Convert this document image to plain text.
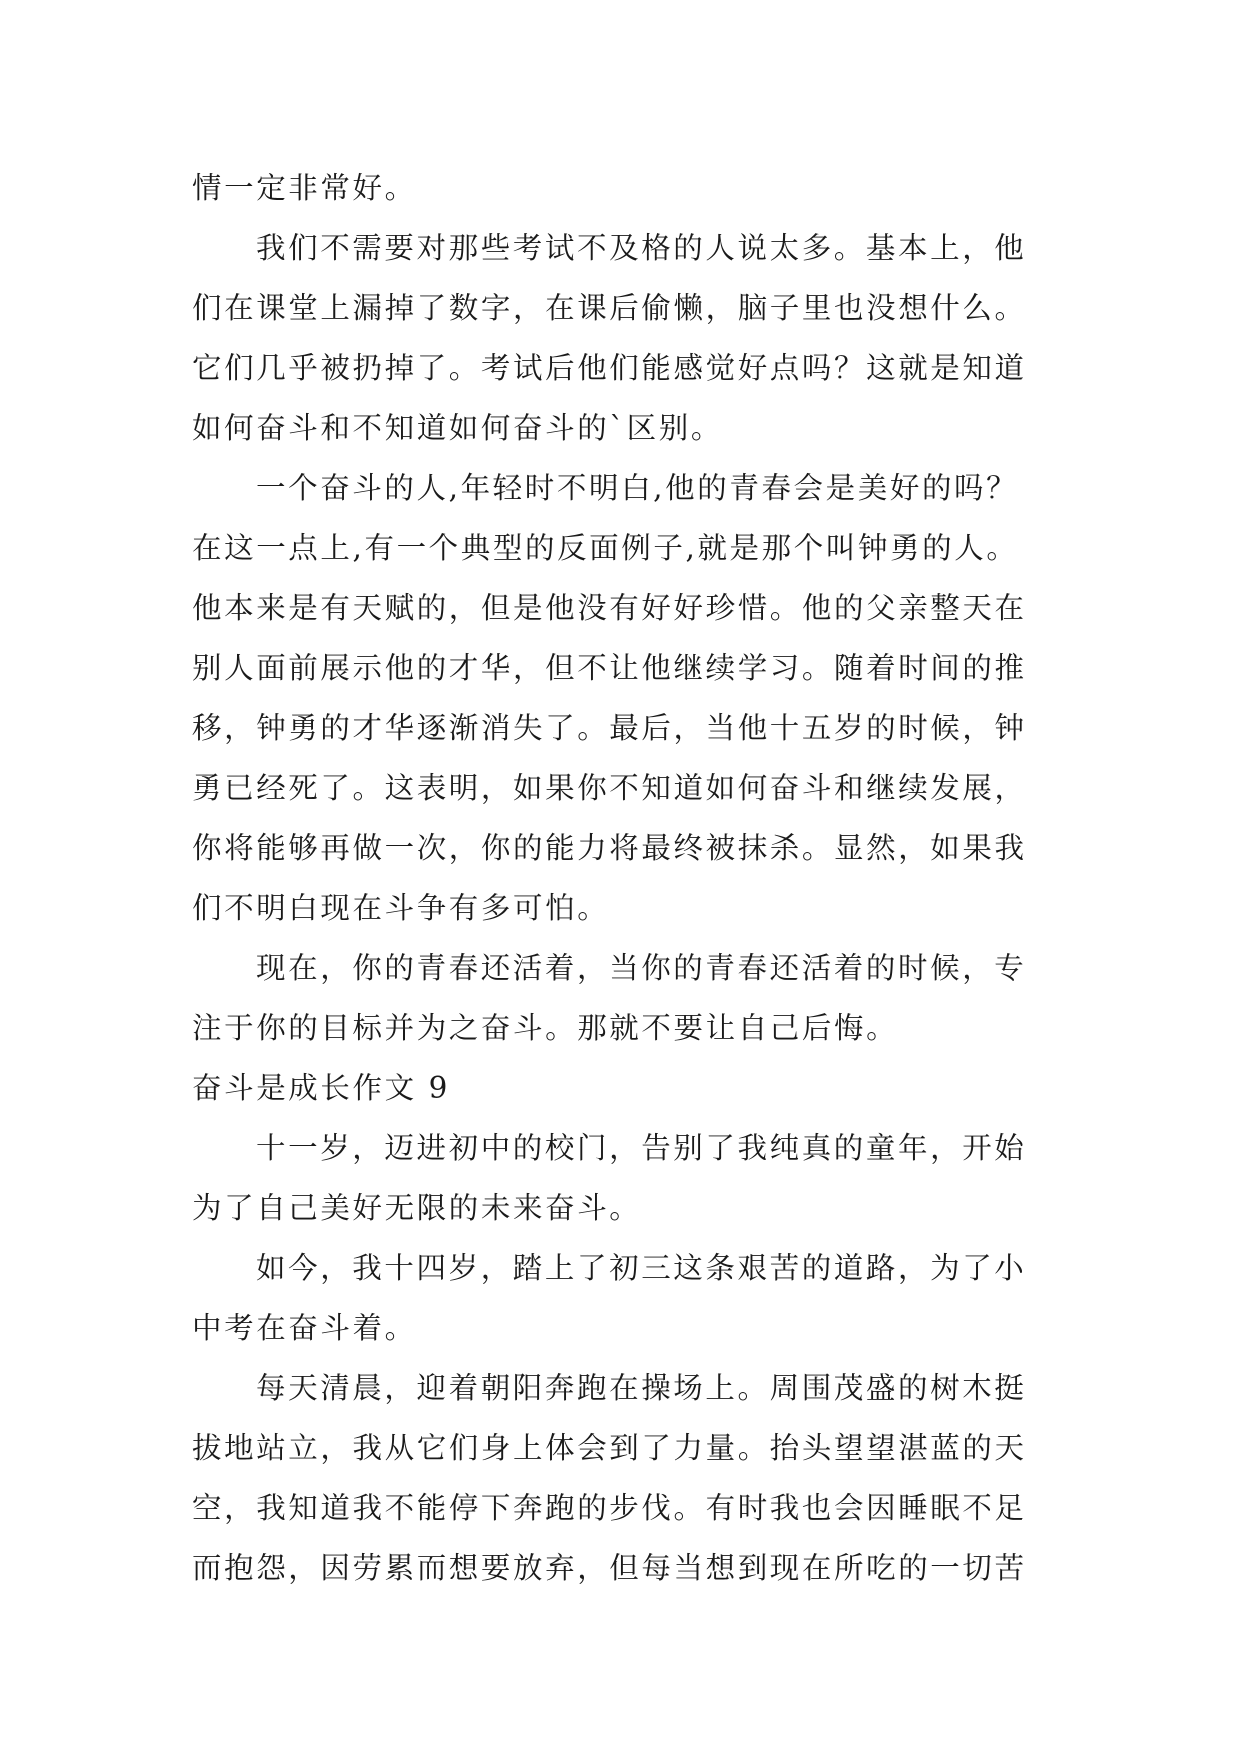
情一定非常好。
我们不需要对那些考试不及格的人说太多。基本上，他
们在课堂上漏掉了数字，在课后偷懒，脑子里也没想什么。
它们几乎被扔掉了。考试后他们能感觉好点吗？这就是知道
如何奋斗和不知道如何奋斗的`区别。
一个奋斗的人,年轻时不明白,他的青春会是美好的吗？
在这一点上,有一个典型的反面例子,就是那个叫钟勇的人。
他本来是有天赋的，但是他没有好好珍惜。他的父亲整天在
别人面前展示他的才华，但不让他继续学习。随着时间的推
移，钟勇的才华逐渐消失了。最后，当他十五岁的时候，钟
勇已经死了。这表明，如果你不知道如何奋斗和继续发展，
你将能够再做一次，你的能力将最终被抹杀。显然，如果我
们不明白现在斗争有多可怕。
现在，你的青春还活着，当你的青春还活着的时候，专
注于你的目标并为之奋斗。那就不要让自己后悔。
奋斗是成长作文 9
十一岁，迈进初中的校门，告别了我纯真的童年，开始
为了自己美好无限的未来奋斗。
如今，我十四岁，踏上了初三这条艰苦的道路，为了小
中考在奋斗着。
每天清晨，迎着朝阳奔跑在操场上。周围茂盛的树木挺
拔地站立，我从它们身上体会到了力量。抬头望望湛蓝的天
空，我知道我不能停下奔跑的步伐。有时我也会因睡眠不足
而抱怨，因劳累而想要放弃，但每当想到现在所吃的一切苦
